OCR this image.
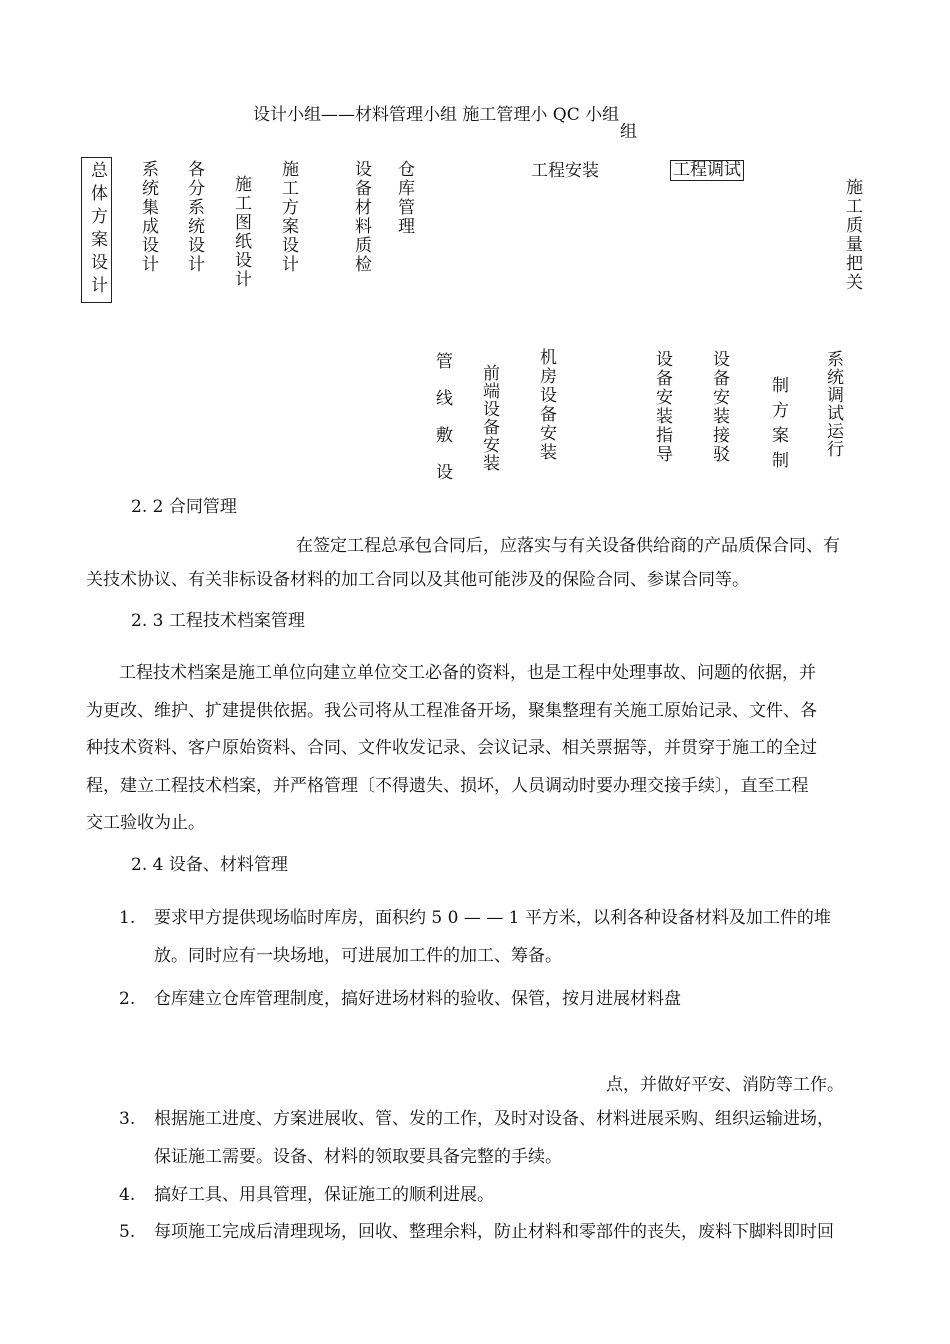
设计小组——材料管理小组 施工管理小 QC 小组
组
工程安装	工程调试
总体方案设计 系统集成设计 各分系统设计 施工图纸设计 施工方案设计	设备材料质检 仓库管理	施工质量把关
管线敷设 前端设备安装 机房设备安装	设备安装指导 设备安装接驳 制方案制 系统调试运行
2. 2 合同管理
在签定工程总承包合同后，应落实与有关设备供给商的产品质保合同、有
关技术协议、有关非标设备材料的加工合同以及其他可能涉及的保险合同、参谋合同等。
2. 3 工程技术档案管理
工程技术档案是施工单位向建立单位交工必备的资料，也是工程中处理事故、问题的依据，并
为更改、维护、扩建提供依据。我公司将从工程准备开场，聚集整理有关施工原始记录、文件、各
种技术资料、客户原始资料、合同、文件收发记录、会议记录、相关票据等，并贯穿于施工的全过
程，建立工程技术档案，并严格管理〔不得遗失、损坏，人员调动时要办理交接手续〕，直至工程
交工验收为止。
2. 4 设备、材料管理
1. 要求甲方提供现场临时库房，面积约 5 0 — — 1 平方米，以利各种设备材料及加工件的堆
放。同时应有一块场地，可进展加工件的加工、筹备。
2. 仓库建立仓库管理制度，搞好进场材料的验收、保管，按月进展材料盘
点，并做好平安、消防等工作。
3. 根据施工进度、方案进展收、管、发的工作，及时对设备、材料进展采购、组织运输进场，
保证施工需要。设备、材料的领取要具备完整的手续。
4. 搞好工具、用具管理，保证施工的顺利进展。
5. 每项施工完成后清理现场，回收、整理余料，防止材料和零部件的丧失，废料下脚料即时回
